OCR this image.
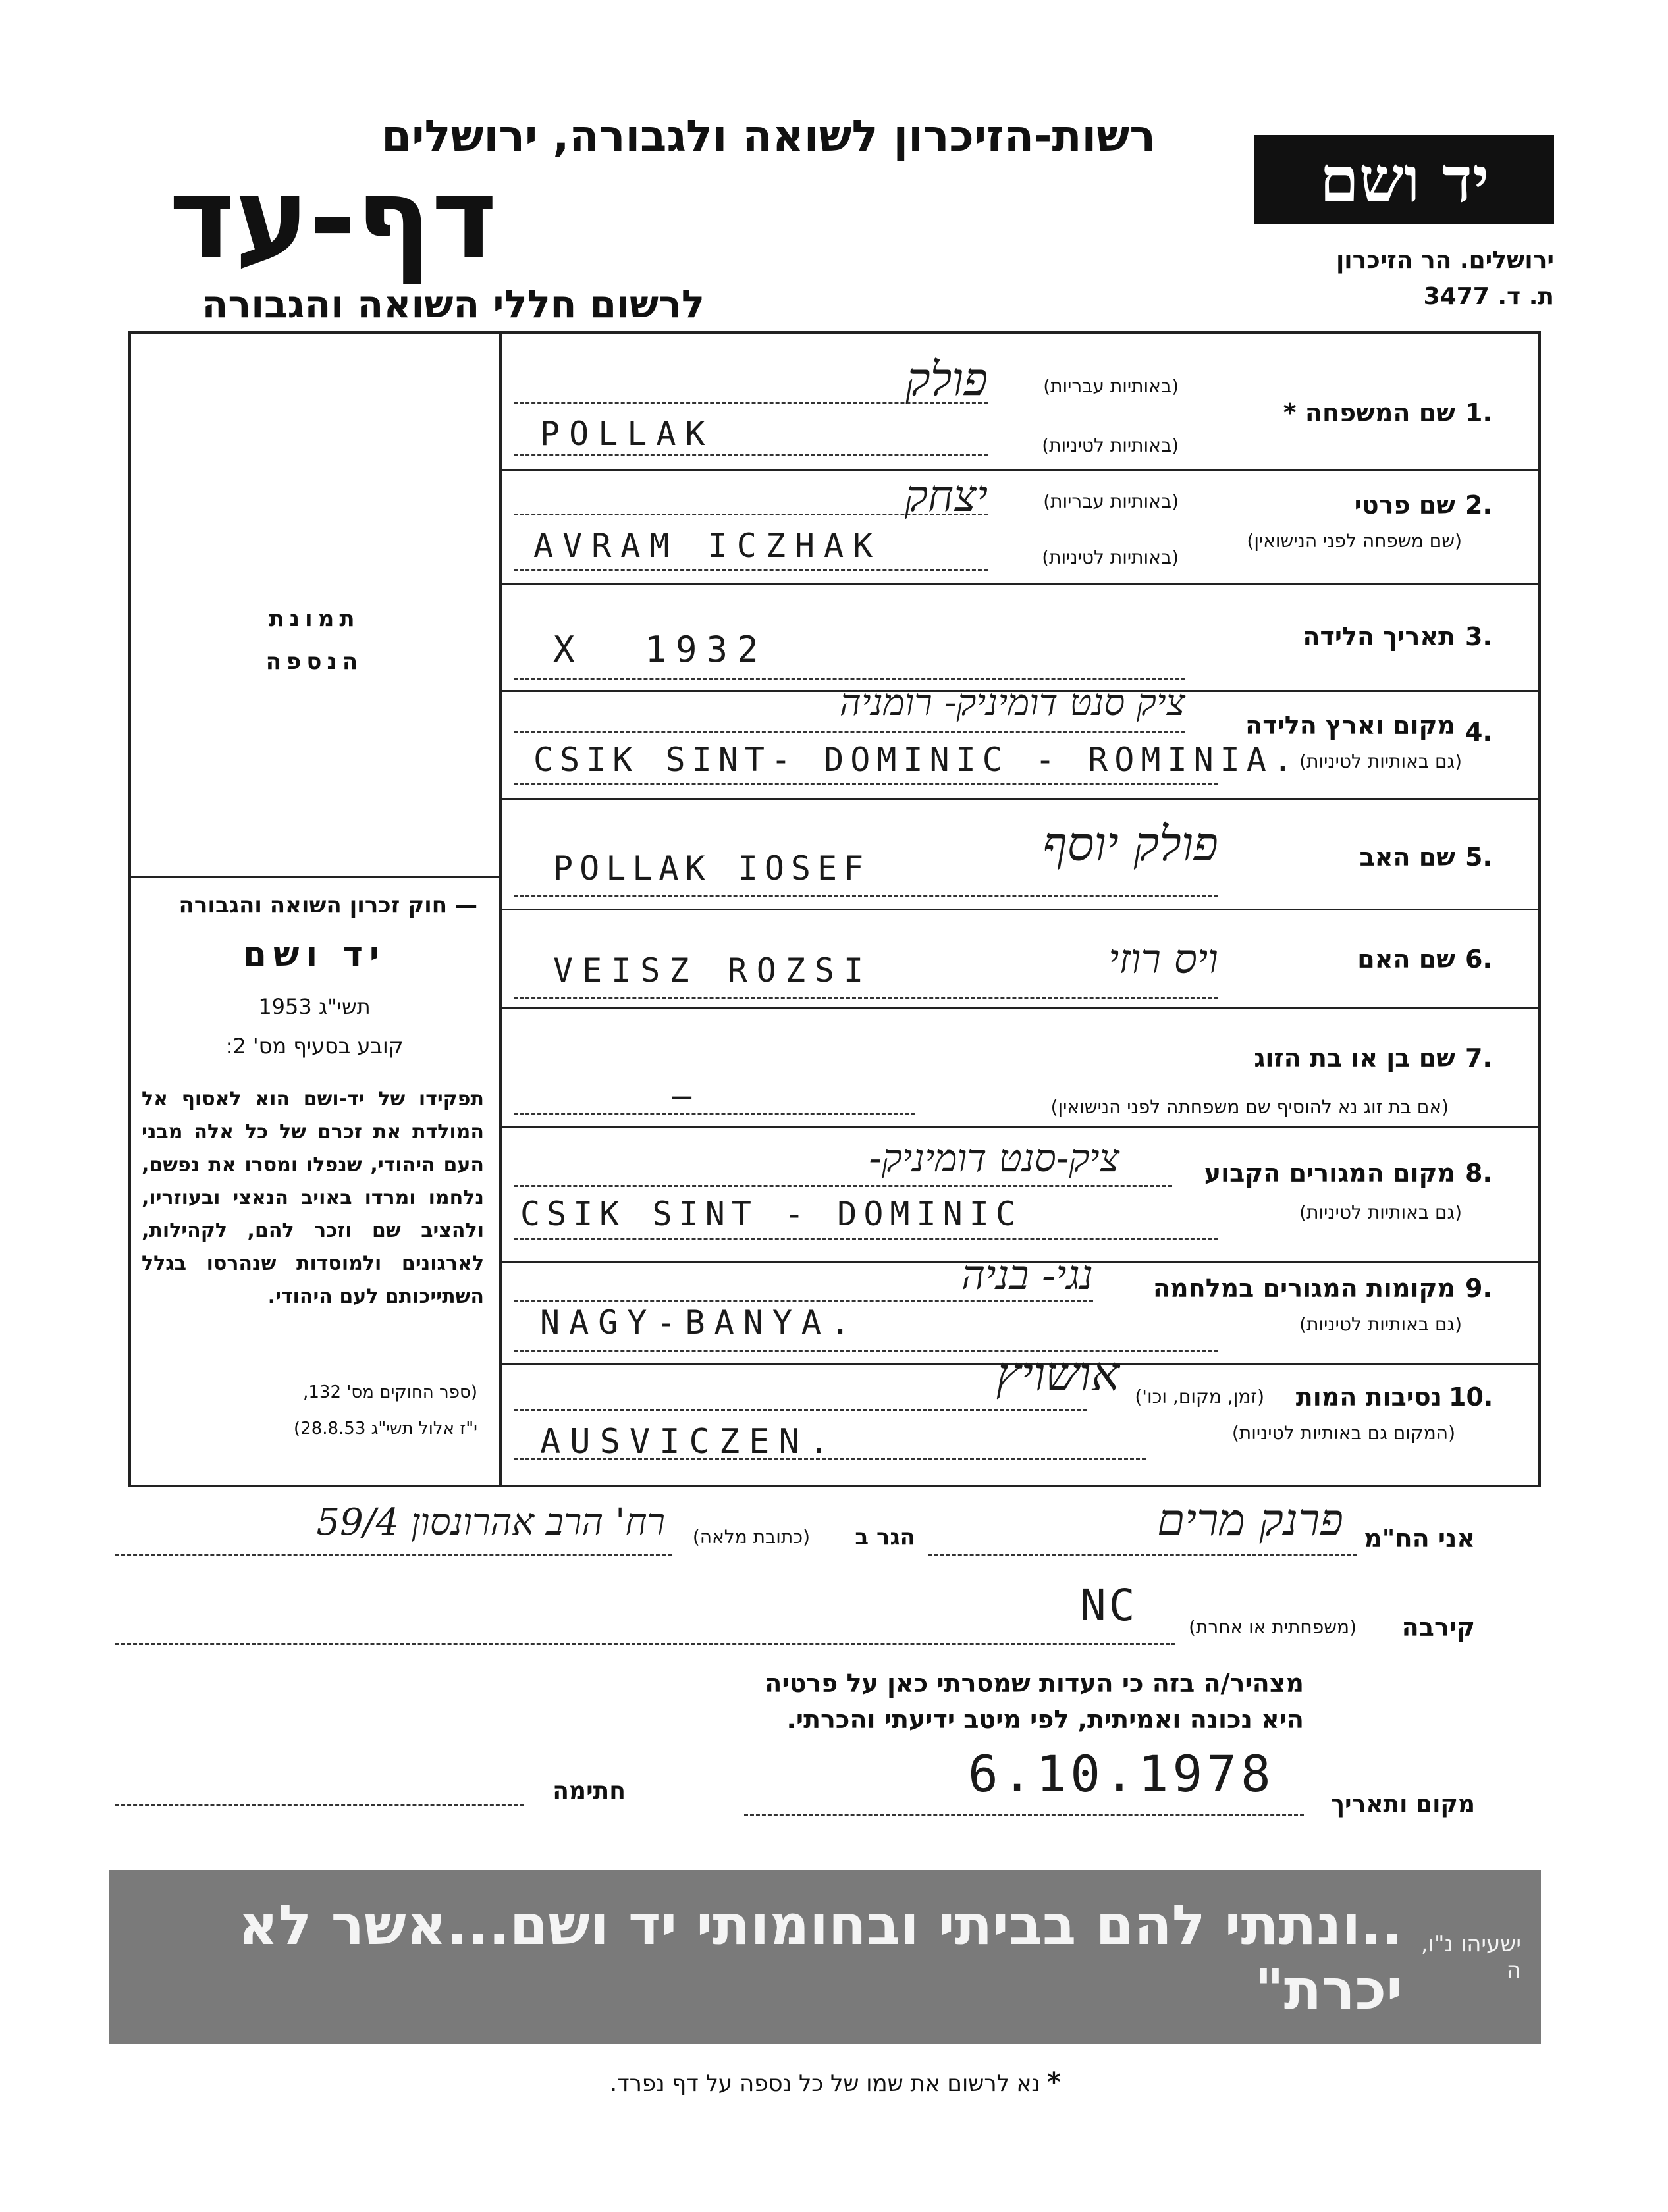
רשות-הזיכרון לשואה ולגבורה, ירושלים
דף-עד
לרשום חללי השואה והגבורה
יד ושם
ירושלים. הר הזיכרון
ת. ד. 3477
תמונת
הנספה
— חוק זכרון השואה והגבורה
יד ושם
תשי"ג 1953
קובע בסעיף מס' 2:
תפקידו של יד-ושם הוא לאסוף אל המולדת את זכרם של כל אלה מבני העם היהודי, שנפלו ומסרו את נפשם, נלחמו ומרדו באויב הנאצי ובעוזריו, ולהציב שם וזכר להם, לקהילות, לארגונים ולמוסדות שנהרסו בגלל השתייכותם לעם היהודי.
(ספר החוקים מס' 132,
י"ז אלול תשי"ג 28.8.53)
1.
שם המשפחה *
(באותיות עבריות)
(באותיות לטיניות)
פולק
POLLAK
2.
שם פרטי
(שם משפחה לפני הנישואין)
(באותיות עבריות)
(באותיות לטיניות)
יצחק
AVRAM ICZHAK
3.
תאריך הלידה
X  1932
4.
מקום וארץ הלידה
(גם באותיות לטיניות)
ציק סנט דומיניק- רומניה
CSIK SINT- DOMINIC - ROMINIA.
5.
שם האב
POLLAK IOSEF	פולק יוסף
6.
שם האם
VEISZ ROZSI	ויס רוזי
7.
שם בן או בת הזוג
(אם בת זוג נא להוסיף שם משפחתה לפני הנישואין)
—
8.
מקום המגורים הקבוע
(גם באותיות לטיניות)
ציק-סנט דומיניק-
CSIK SINT - DOMINIC
9.
מקומות המגורים במלחמה
(גם באותיות לטיניות)
נגי- בניה
NAGY-BANYA.
10.
נסיבות המות
(זמן, מקום, וכו')
(המקום גם באותיות לטיניות)
אושויץ
AUSVICZEN.
אני הח"מ
פרנק מרים
הגר ב
(כתובת מלאה)
רח' הרב אהרונסון 59/4
קירבה
(משפחתית או אחרת)
NC
מצהיר/ה בזה כי העדות שמסרתי כאן על פרטיה
היא נכונה ואמיתית, לפי מיטב ידיעתי והכרתי.
מקום ותאריך
6.10.1978
חתימה
..ונתתי להם בביתי ובחומותי יד ושם...אשר לא יכרת"
ישעיהו נ"ו, ה
נא לרשום את שמו של כל נספה על דף נפרד. *
